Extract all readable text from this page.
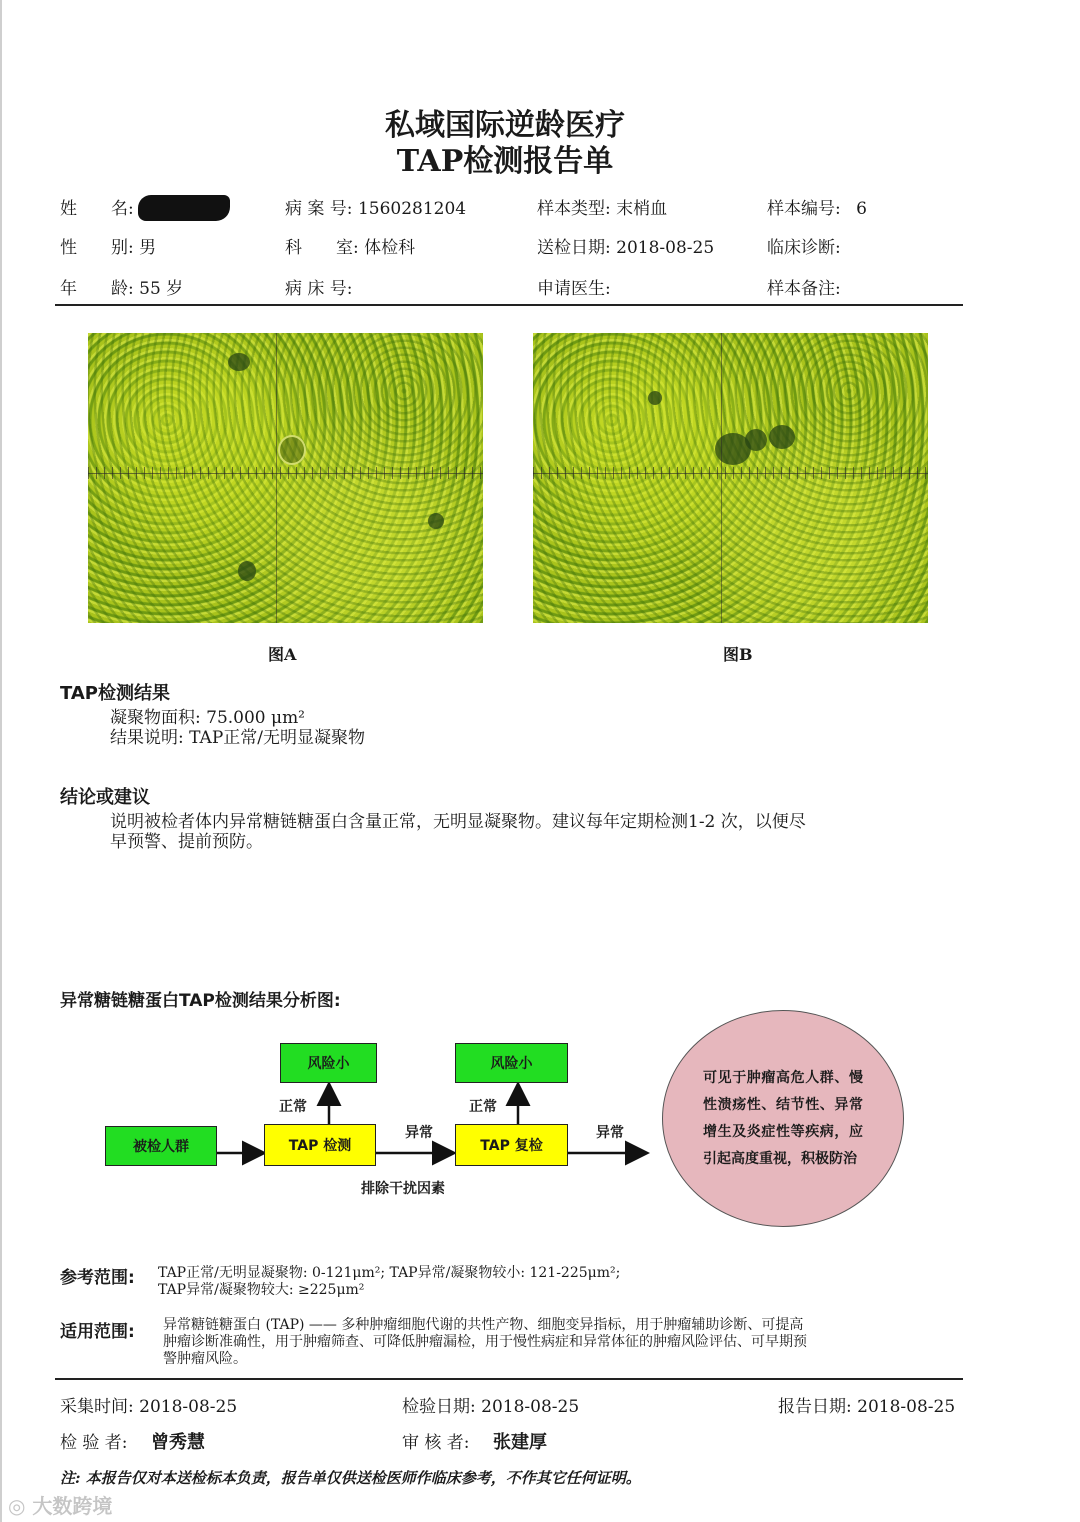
私域国际逆龄医疗
TAP检测报告单
姓　　名:	病 案 号: 1560281204	样本类型: 末梢血	样本编号: 6
性　　别: 男	科　　室: 体检科	送检日期: 2018-08-25	临床诊断:
年　　龄: 55 岁	病 床 号:	申请医生:	样本备注:
图A	图B
TAP检测结果
凝聚物面积: 75.000 μm²
结果说明: TAP正常/无明显凝聚物
结论或建议
说明被检者体内异常糖链糖蛋白含量正常，无明显凝聚物。建议每年定期检测1-2 次，以便尽
早预警、提前预防。
异常糖链糖蛋白TAP检测结果分析图:
被检人群	TAP 检测	TAP 复检
风险小	风险小
正常	正常
异常	异常
排除干扰因素
可见于肿瘤高危人群、慢性溃疡性、结节性、异常增生及炎症性等疾病，应引起高度重视，积极防治
参考范围: TAP正常/无明显凝聚物: 0-121μm²; TAP异常/凝聚物较小: 121-225μm²;
TAP异常/凝聚物较大: ≥225μm²
适用范围: 异常糖链糖蛋白 (TAP) —— 多种肿瘤细胞代谢的共性产物、细胞变异指标，用于肿瘤辅助诊断、可提高
肿瘤诊断准确性，用于肿瘤筛查、可降低肿瘤漏检，用于慢性病症和异常体征的肿瘤风险评估、可早期预
警肿瘤风险。
采集时间: 2018-08-25	检验日期: 2018-08-25	报告日期: 2018-08-25
检 验 者: 曾秀慧	审 核 者: 张建厚
注: 本报告仅对本送检标本负责，报告单仅供送检医师作临床参考，不作其它任何证明。
◎ 大数跨境
